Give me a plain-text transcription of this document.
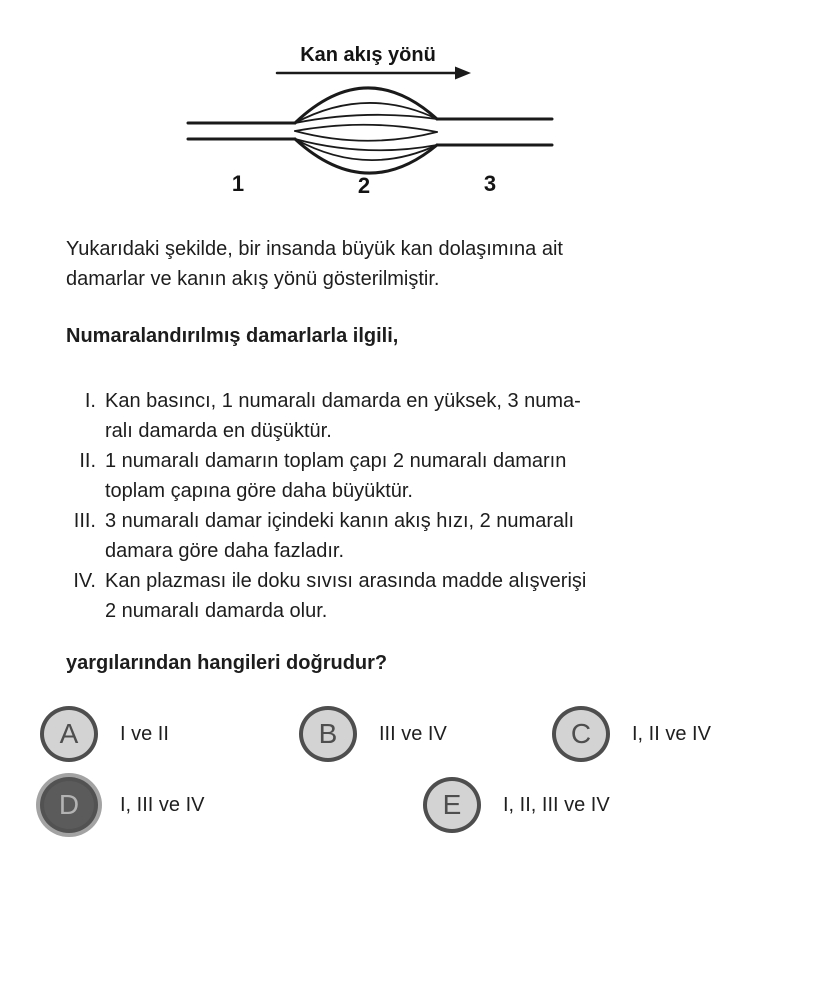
Kan akış yönü
1	2	3
Yukarıdaki şekilde, bir insanda büyük kan dolaşımına ait
damarlar ve kanın akış yönü gösterilmiştir.
Numaralandırılmış damarlarla ilgili,
I. Kan basıncı, 1 numaralı damarda en yüksek, 3 numa-
ralı damarda en düşüktür.
II. 1 numaralı damarın toplam çapı 2 numaralı damarın
toplam çapına göre daha büyüktür.
III. 3 numaralı damar içindeki kanın akış hızı, 2 numaralı
damara göre daha fazladır.
IV. Kan plazması ile doku sıvısı arasında madde alışverişi
2 numaralı damarda olur.
yargılarından hangileri doğrudur?
A	I ve II	B	III ve IV	C	I, II ve IV
D	I, III ve IV	E	I, II, III ve IV
